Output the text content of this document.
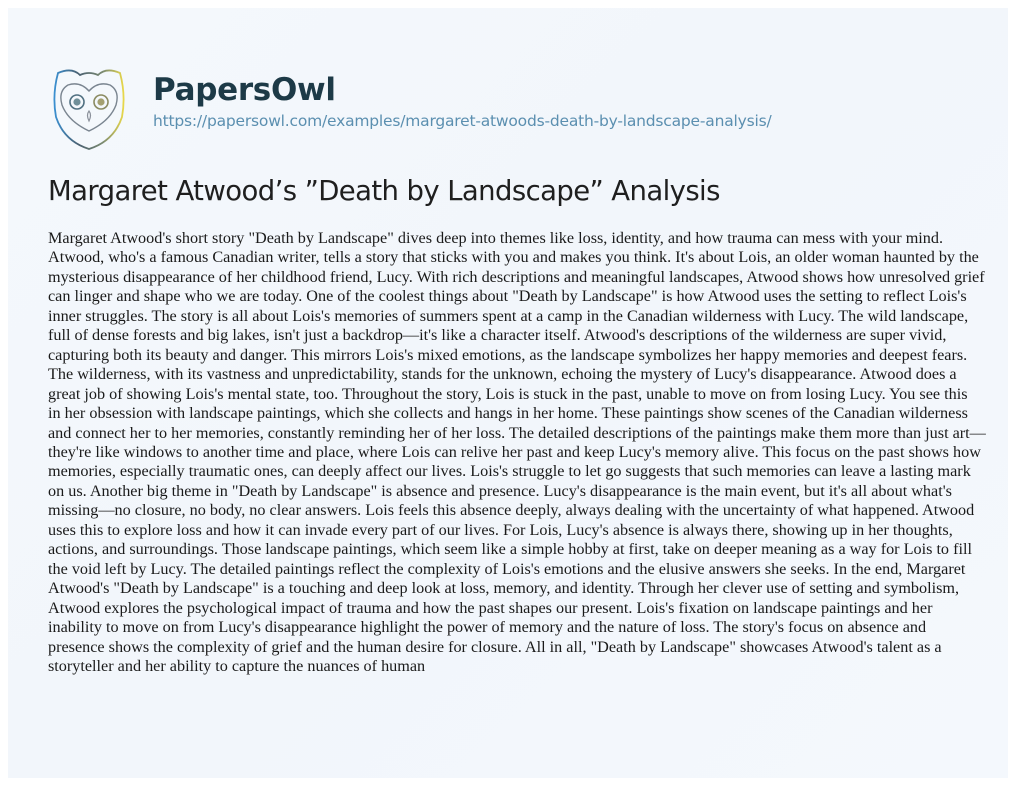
PapersOwl
https://papersowl.com/examples/margaret-atwoods-death-by-landscape-analysis/
Margaret Atwood’s ”Death by Landscape” Analysis

Margaret Atwood's short story "Death by Landscape" dives deep into themes like loss, identity, and how trauma can mess with your mind.
Atwood, who's a famous Canadian writer, tells a story that sticks with you and makes you think. It's about Lois, an older woman haunted by the
mysterious disappearance of her childhood friend, Lucy. With rich descriptions and meaningful landscapes, Atwood shows how unresolved grief
can linger and shape who we are today. One of the coolest things about "Death by Landscape" is how Atwood uses the setting to reflect Lois's
inner struggles. The story is all about Lois's memories of summers spent at a camp in the Canadian wilderness with Lucy. The wild landscape,
full of dense forests and big lakes, isn't just a backdrop—it's like a character itself. Atwood's descriptions of the wilderness are super vivid,
capturing both its beauty and danger. This mirrors Lois's mixed emotions, as the landscape symbolizes her happy memories and deepest fears.
The wilderness, with its vastness and unpredictability, stands for the unknown, echoing the mystery of Lucy's disappearance. Atwood does a
great job of showing Lois's mental state, too. Throughout the story, Lois is stuck in the past, unable to move on from losing Lucy. You see this
in her obsession with landscape paintings, which she collects and hangs in her home. These paintings show scenes of the Canadian wilderness
and connect her to her memories, constantly reminding her of her loss. The detailed descriptions of the paintings make them more than just art—
they're like windows to another time and place, where Lois can relive her past and keep Lucy's memory alive. This focus on the past shows how
memories, especially traumatic ones, can deeply affect our lives. Lois's struggle to let go suggests that such memories can leave a lasting mark
on us. Another big theme in "Death by Landscape" is absence and presence. Lucy's disappearance is the main event, but it's all about what's
missing—no closure, no body, no clear answers. Lois feels this absence deeply, always dealing with the uncertainty of what happened. Atwood
uses this to explore loss and how it can invade every part of our lives. For Lois, Lucy's absence is always there, showing up in her thoughts,
actions, and surroundings. Those landscape paintings, which seem like a simple hobby at first, take on deeper meaning as a way for Lois to fill
the void left by Lucy. The detailed paintings reflect the complexity of Lois's emotions and the elusive answers she seeks. In the end, Margaret
Atwood's "Death by Landscape" is a touching and deep look at loss, memory, and identity. Through her clever use of setting and symbolism,
Atwood explores the psychological impact of trauma and how the past shapes our present. Lois's fixation on landscape paintings and her
inability to move on from Lucy's disappearance highlight the power of memory and the nature of loss. The story's focus on absence and
presence shows the complexity of grief and the human desire for closure. All in all, "Death by Landscape" showcases Atwood's talent as a
storyteller and her ability to capture the nuances of human
